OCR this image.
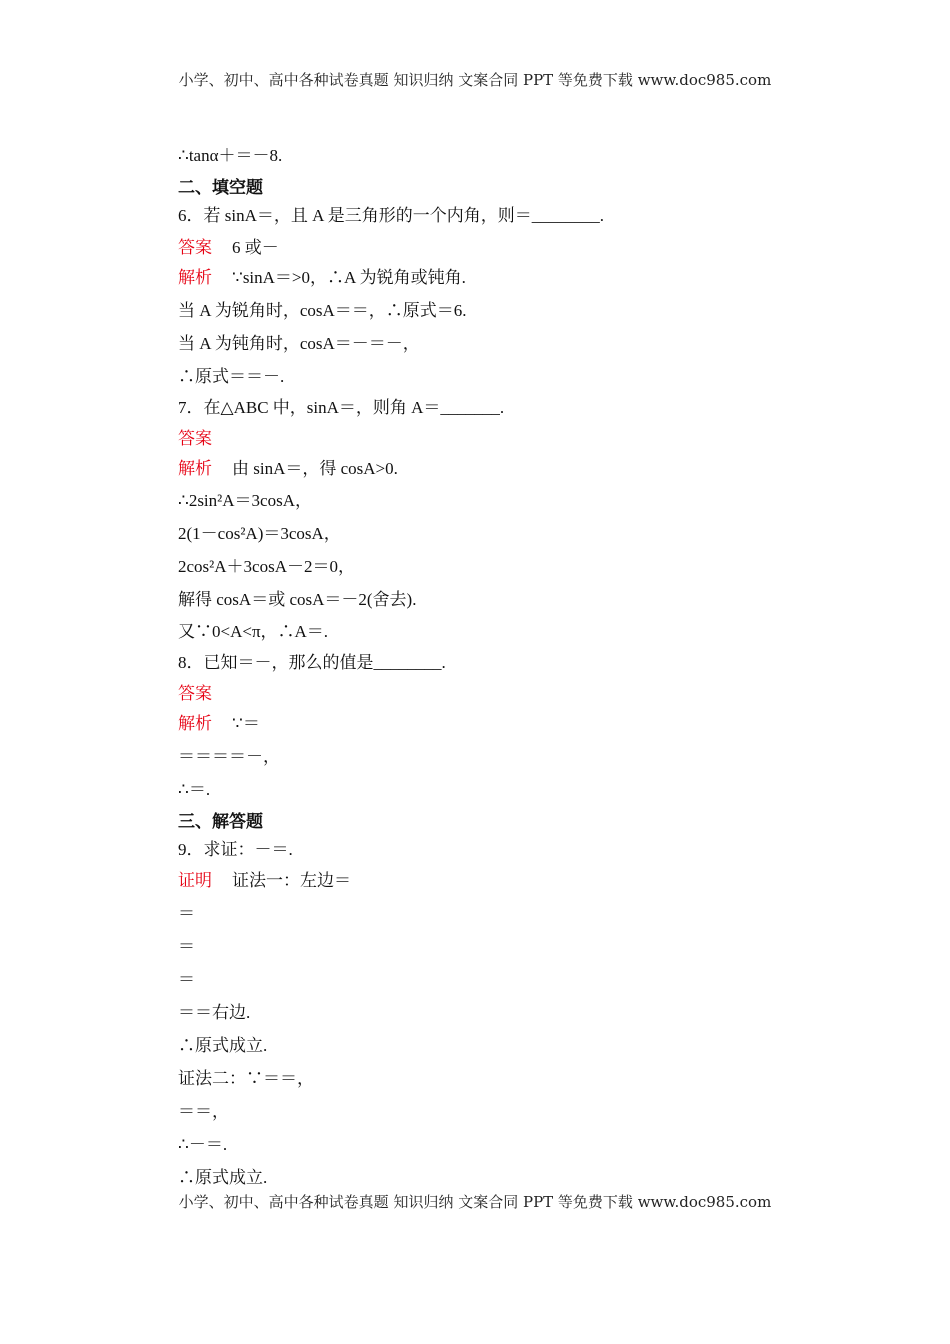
小学、初中、高中各种试卷真题 知识归纳 文案合同 PPT 等免费下载 www.doc985.com
∴tanα＋＝－8.
二、填空题
6．若 sinA＝，且 A 是三角形的一个内角，则＝________.
答案 6 或－
解析 ∵sinA＝>0，∴A 为锐角或钝角.
当 A 为锐角时，cosA＝＝，∴原式＝6.
当 A 为钝角时，cosA＝－＝－，
∴原式＝＝－.
7．在△ABC 中，sinA＝，则角 A＝_______.
答案
解析 由 sinA＝，得 cosA>0.
∴2sin²A＝3cosA，
2(1－cos²A)＝3cosA，
2cos²A＋3cosA－2＝0，
解得 cosA＝或 cosA＝－2(舍去).
又∵0<A<π，∴A＝.
8．已知＝－，那么的值是________.
答案
解析 ∵＝
＝＝＝＝－，
∴＝.
三、解答题
9．求证：－＝.
证明 证法一：左边＝
＝
＝
＝
＝＝右边.
∴原式成立.
证法二：∵＝＝，
＝＝，
∴－＝.
∴原式成立.
小学、初中、高中各种试卷真题 知识归纳 文案合同 PPT 等免费下载 www.doc985.com
